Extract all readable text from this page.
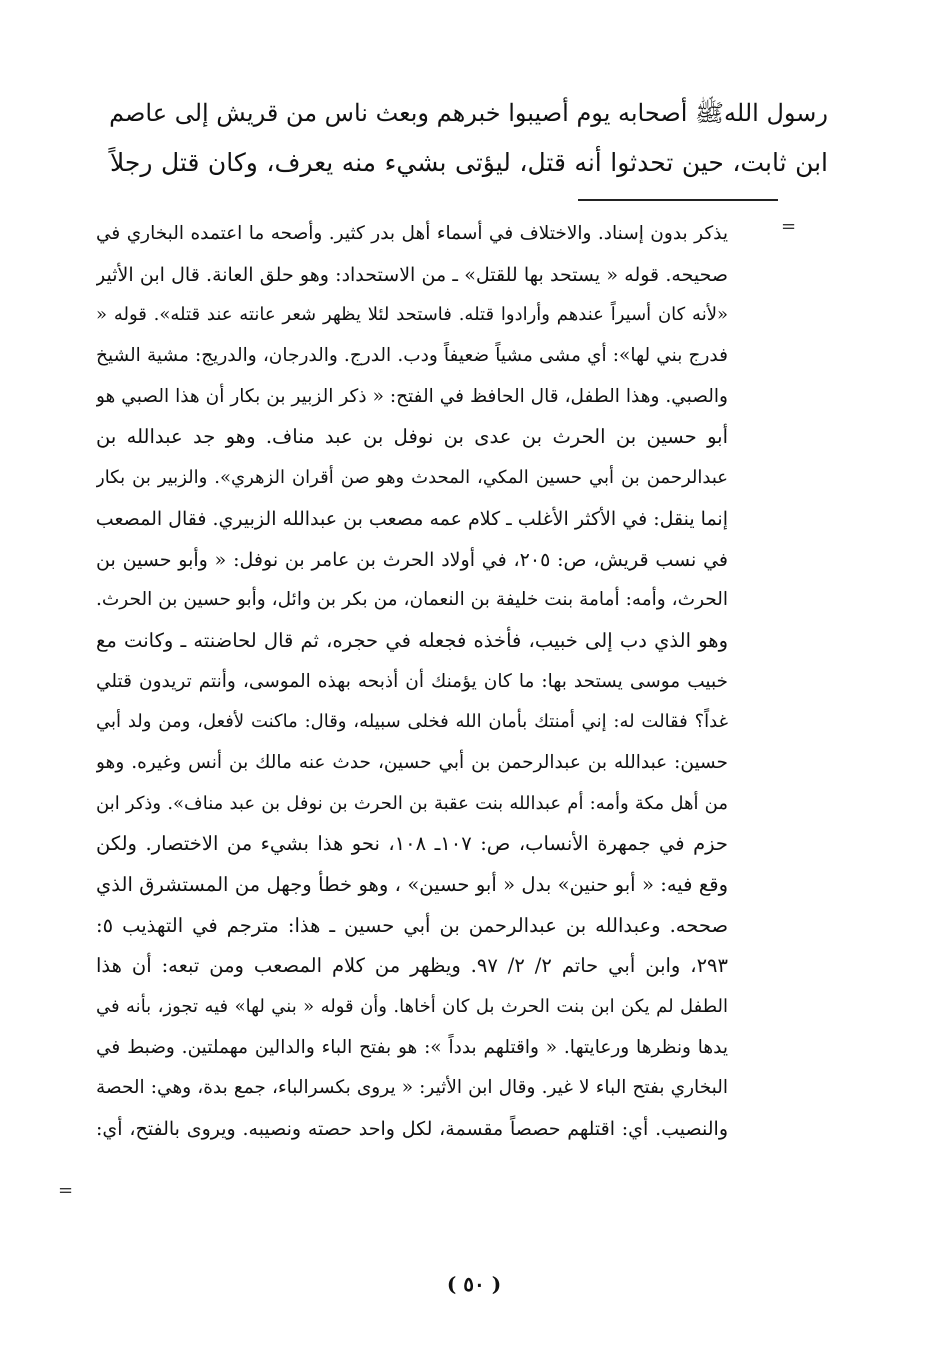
رسول اللهﷺ أصحابه يوم أصيبوا خبرهم وبعث ناس من قريش إلى عاصم
ابن ثابت، حين تحدثوا أنه قتل، ليؤتى بشيء منه يعرف، وكان قتل رجلاً
=
يذكر بدون إسناد. والاختلاف في أسماء أهل بدر كثير. وأصحه ما اعتمده البخاري في
صحيحه. قوله « يستحد بها للقتل» ـ من الاستحداد: وهو حلق العانة. قال ابن الأثير
«لأنه كان أسيراً عندهم وأرادوا قتله. فاستحد لئلا يظهر شعر عانته عند قتله». قوله «
فدرج بني لها»: أي مشى مشياً ضعيفاً ودب. الدرج. والدرجان، والدريج: مشية الشيخ
والصبي. وهذا الطفل، قال الحافظ في الفتح: « ذكر الزبير بن بكار أن هذا الصبي هو
أبو حسين بن الحرث بن عدى بن نوفل بن عبد مناف. وهو جد عبدالله بن
عبدالرحمن بن أبي حسين المكي، المحدث وهو صن أقران الزهري». والزبير بن بكار
إنما ينقل: في الأكثر الأغلب ـ كلام عمه مصعب بن عبدالله الزبيري. فقال المصعب
في نسب قريش، ص: ٢٠٥، في أولاد الحرث بن عامر بن نوفل: « وأبو حسين بن
الحرث، وأمه: أمامة بنت خليفة بن النعمان، من بكر بن وائل، وأبو حسين بن الحرث.
وهو الذي دب إلى خبيب، فأخذه فجعله في حجره، ثم قال لحاضنته ـ وكانت مع
خبيب موسى يستحد بها: ما كان يؤمنك أن أذبحه بهذه الموسى، وأنتم تريدون قتلي
غداً؟ فقالت له: إني أمنتك بأمان الله فخلى سبيله، وقال: ماكنت لأفعل، ومن ولد أبي
حسين: عبدالله بن عبدالرحمن بن أبي حسين، حدث عنه مالك بن أنس وغيره. وهو
من أهل مكة وأمه: أم عبدالله بنت عقبة بن الحرث بن نوفل بن عبد مناف». وذكر ابن
حزم في جمهرة الأنساب، ص: ١٠٧ـ ١٠٨، نحو هذا بشيء من الاختصار. ولكن
وقع فيه: « أبو حنين» بدل « أبو حسين» ، وهو خطأ وجهل من المستشرق الذي
صححه. وعبدالله بن عبدالرحمن بن أبي حسين ـ هذا: مترجم في التهذيب ٥:
٢٩٣، وابن أبي حاتم ٢/ ٢/ ٩٧. ويظهر من كلام المصعب ومن تبعه: أن هذا
الطفل لم يكن ابن بنت الحرث بل كان أخاها. وأن قوله « بني لها» فيه تجوز، بأنه في
يدها ونظرها ورعايتها. « واقتلهم بدداً »: هو بفتح الباء والدالين مهملتين. وضبط في
البخاري بفتح الباء لا غير. وقال ابن الأثير: « يروى بكسرالباء، جمع بدة، وهي: الحصة
والنصيب. أي: اقتلهم حصصاً مقسمة، لكل واحد حصته ونصيبه. ويروى بالفتح، أي:
=
( ٥٠ )
